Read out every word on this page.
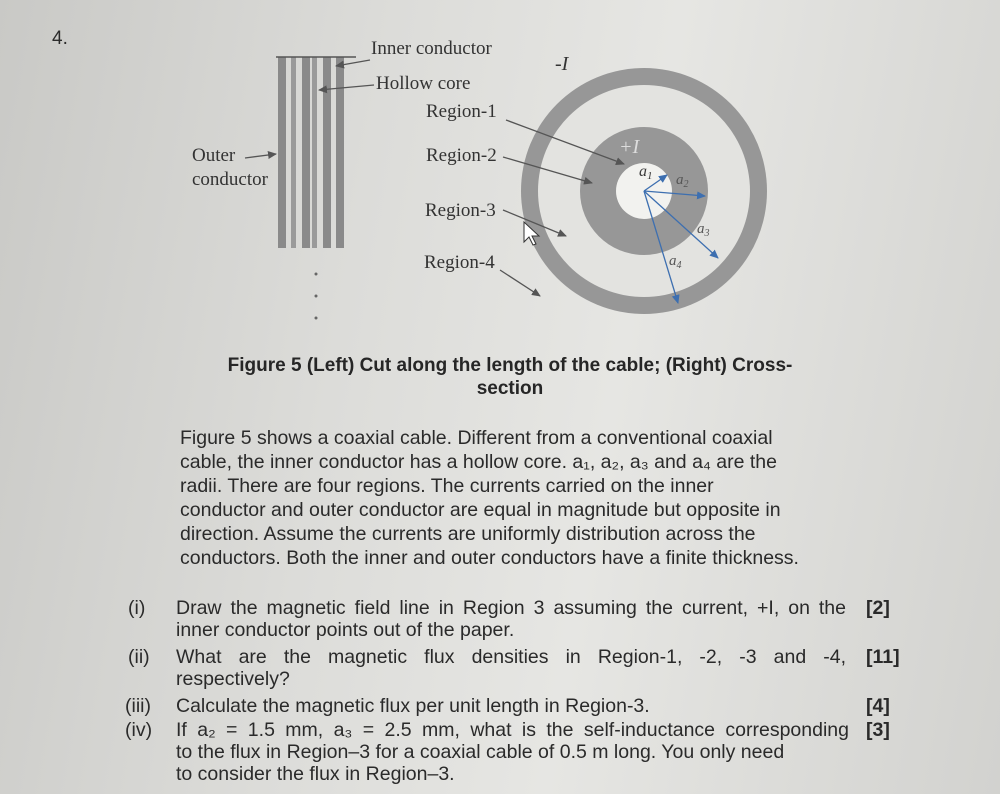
4.	Inner conductor
Hollow core
Region-1
Region-2
Region-3
Region-4
Outer
conductor
-I
+I
a1 $a_2$
$a_3$
$a_4$
Figure 5 (Left) Cut along the length of the cable; (Right) Cross-
section
Figure 5 shows a coaxial cable. Different from a conventional coaxial
cable, the inner conductor has a hollow core. a₁, a₂, a₃ and a₄ are the
radii. There are four regions. The currents carried on the inner
conductor and outer conductor are equal in magnitude but opposite in
direction. Assume the currents are uniformly distribution across the
conductors. Both the inner and outer conductors have a finite thickness.
(i) Draw the magnetic field line in Region 3 assuming the current, +I, on the
inner conductor points out of the paper.
[2]
(ii) What are the magnetic flux densities in Region-1, -2, -3 and -4,
respectively?
[11]
(iii) Calculate the magnetic flux per unit length in Region-3.	[4]
(iv) If a₂ = 1.5 mm, a₃ = 2.5 mm, what is the self-inductance corresponding
to the flux in Region–3 for a coaxial cable of 0.5 m long. You only need
to consider the flux in Region–3.
[3]
